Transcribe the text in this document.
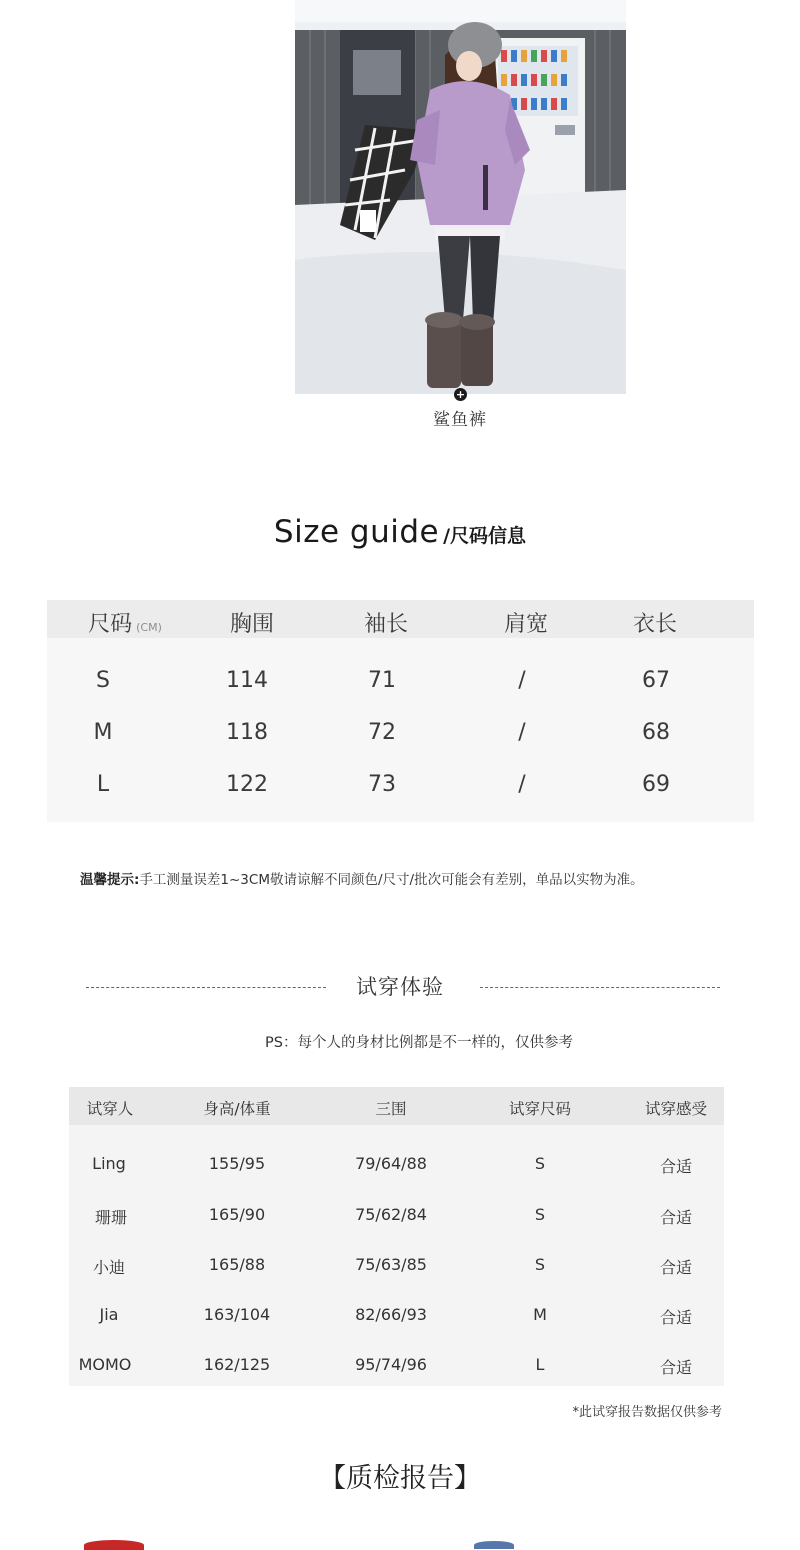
+
鲨鱼裤
Size guide /尺码信息
尺码 (CM)	胸围	袖长	肩宽	衣长
S	114	71	/	67
M	118	72	/	68
L	122	73	/	69
温馨提示:手工测量误差1~3CM敬请谅解不同颜色/尺寸/批次可能会有差别，单品以实物为准。
试穿体验
PS：每个人的身材比例都是不一样的，仅供参考
试穿人	身高/体重	三围	试穿尺码	试穿感受
Ling	155/95	79/64/88	S	合适
珊珊	165/90	75/62/84	S	合适
小迪	165/88	75/63/85	S	合适
Jia	163/104	82/66/93	M	合适
MOMO	162/125	95/74/96	L	合适
*此试穿报告数据仅供参考
【质检报告】
